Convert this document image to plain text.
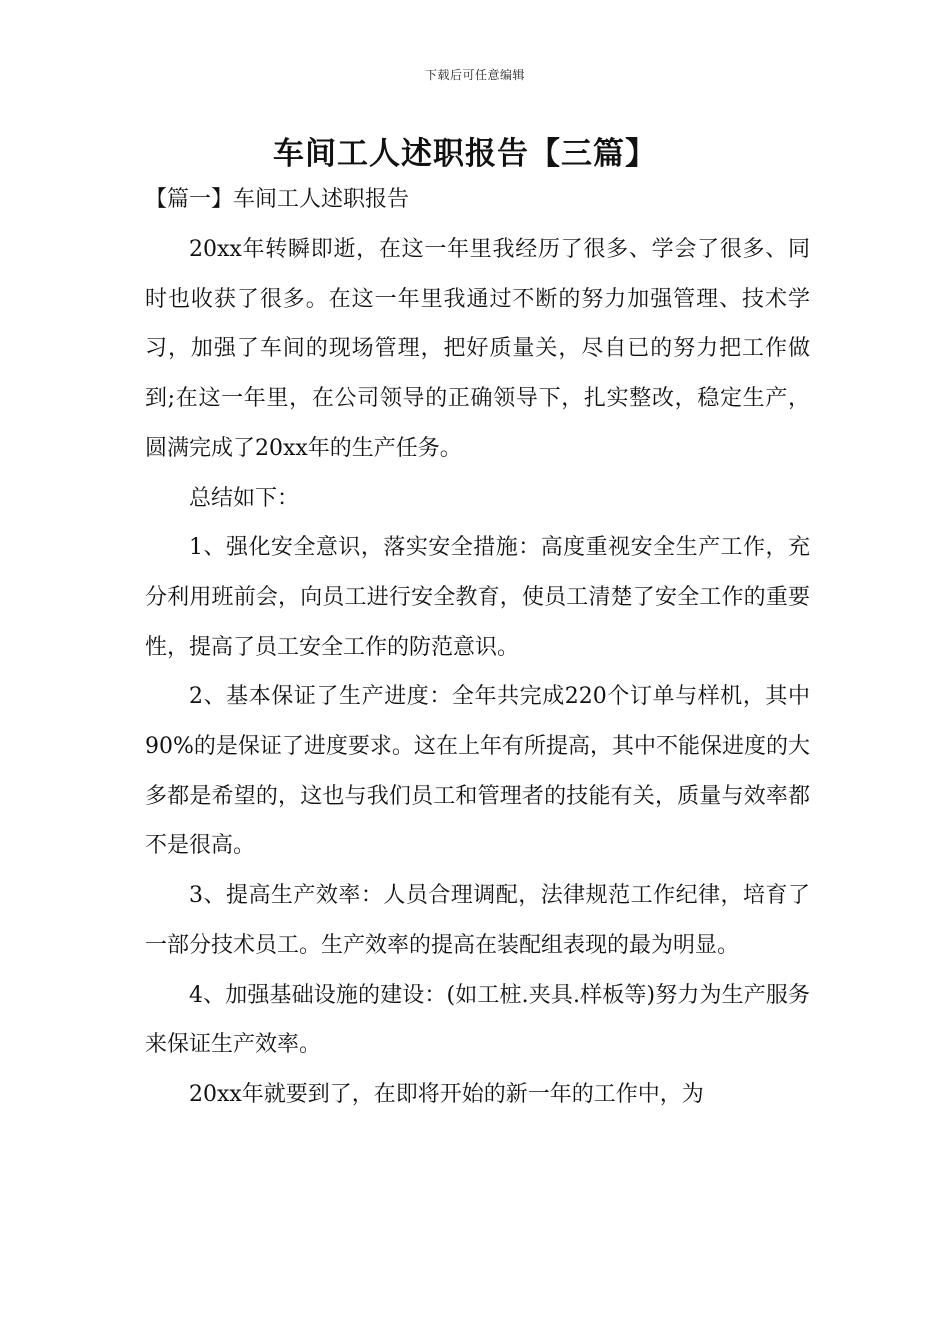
下载后可任意编辑
车间工人述职报告【三篇】
【篇一】车间工人述职报告

20xx年转瞬即逝，在这一年里我经历了很多、学会了很多、同时也收获了很多。在这一年里我通过不断的努力加强管理、技术学习，加强了车间的现场管理，把好质量关，尽自已的努力把工作做到;在这一年里，在公司领导的正确领导下，扎实整改，稳定生产，圆满完成了20xx年的生产任务。

总结如下：

1、强化安全意识，落实安全措施：高度重视安全生产工作，充分利用班前会，向员工进行安全教育，使员工清楚了安全工作的重要性，提高了员工安全工作的防范意识。

2、基本保证了生产进度：全年共完成220个订单与样机，其中90%的是保证了进度要求。这在上年有所提高，其中不能保进度的大多都是希望的，这也与我们员工和管理者的技能有关，质量与效率都不是很高。

3、提高生产效率：人员合理调配，法律规范工作纪律，培育了一部分技术员工。生产效率的提高在装配组表现的最为明显。

4、加强基础设施的建设：(如工桩.夹具.样板等)努力为生产服务来保证生产效率。

20xx年就要到了，在即将开始的新一年的工作中，为
